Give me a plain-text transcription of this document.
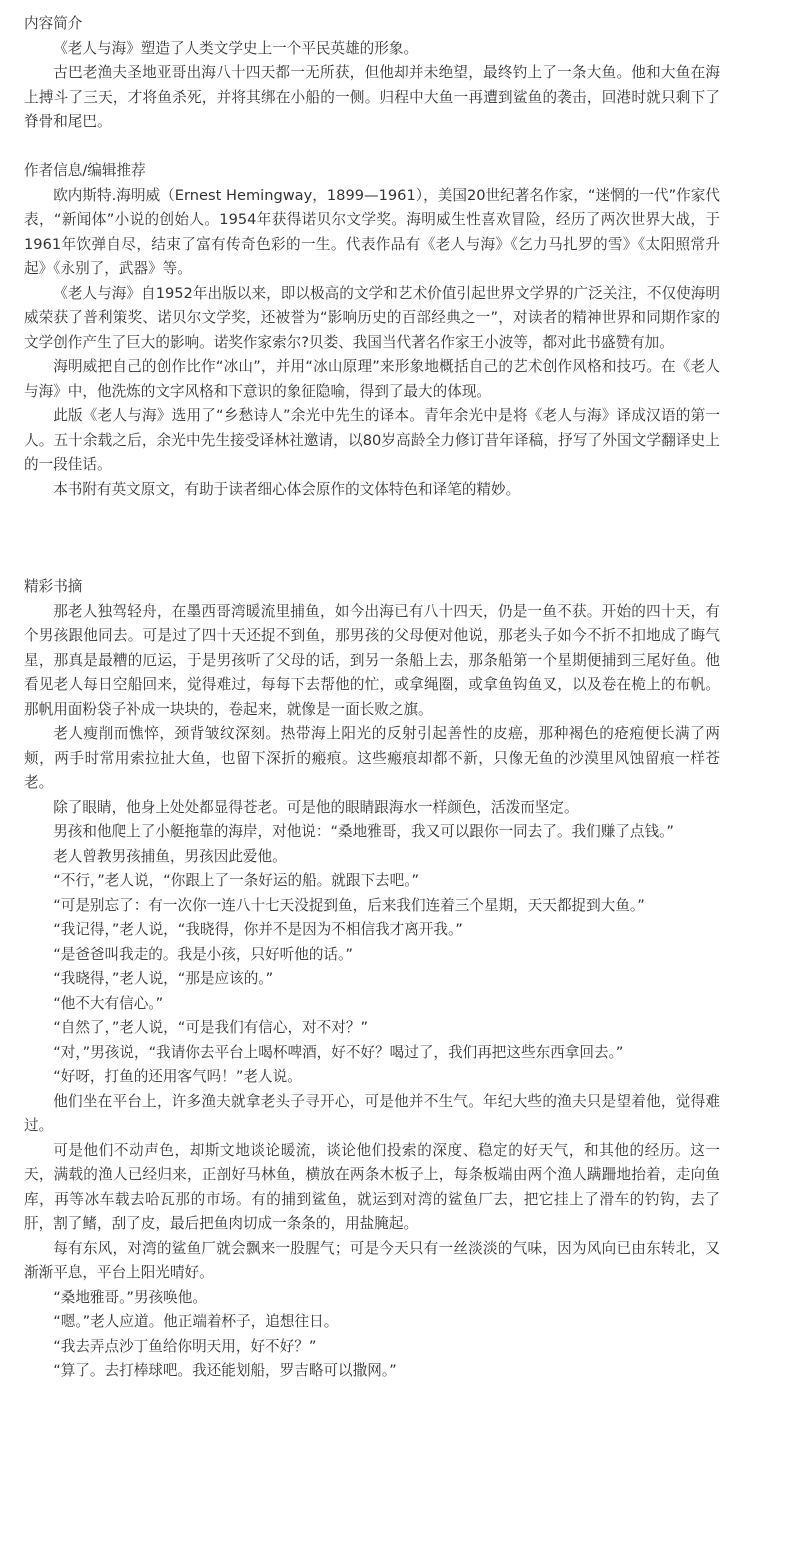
内容简介

《老人与海》塑造了人类文学史上一个平民英雄的形象。

古巴老渔夫圣地亚哥出海八十四天都一无所获，但他却并未绝望，最终钓上了一条大鱼。他和大鱼在海上搏斗了三天，才将鱼杀死，并将其绑在小船的一侧。归程中大鱼一再遭到鲨鱼的袭击，回港时就只剩下了脊骨和尾巴。

作者信息/编辑推荐

欧内斯特.海明威（Ernest Hemingway，1899—1961），美国20世纪著名作家，“迷惘的一代”作家代表，“新闻体”小说的创始人。1954年获得诺贝尔文学奖。海明威生性喜欢冒险，经历了两次世界大战，于1961年饮弹自尽，结束了富有传奇色彩的一生。代表作品有《老人与海》《乞力马扎罗的雪》《太阳照常升起》《永别了，武器》等。

《老人与海》自1952年出版以来，即以极高的文学和艺术价值引起世界文学界的广泛关注，不仅使海明威荣获了普利策奖、诺贝尔文学奖，还被誉为“影响历史的百部经典之一”，对读者的精神世界和同期作家的文学创作产生了巨大的影响。诺奖作家索尔?贝娄、我国当代著名作家王小波等，都对此书盛赞有加。

海明威把自己的创作比作“冰山”，并用“冰山原理”来形象地概括自己的艺术创作风格和技巧。在《老人与海》中，他洗炼的文字风格和下意识的象征隐喻，得到了最大的体现。

此版《老人与海》选用了“乡愁诗人”余光中先生的译本。青年余光中是将《老人与海》译成汉语的第一人。五十余载之后，余光中先生接受译林社邀请，以80岁高龄全力修订昔年译稿，抒写了外国文学翻译史上的一段佳话。

本书附有英文原文，有助于读者细心体会原作的文体特色和译笔的精妙。

精彩书摘

那老人独驾轻舟，在墨西哥湾暖流里捕鱼，如今出海已有八十四天，仍是一鱼不获。开始的四十天，有个男孩跟他同去。可是过了四十天还捉不到鱼，那男孩的父母便对他说，那老头子如今不折不扣地成了晦气星，那真是最糟的厄运，于是男孩听了父母的话，到另一条船上去，那条船第一个星期便捕到三尾好鱼。他看见老人每日空船回来，觉得难过，每每下去帮他的忙，或拿绳圈，或拿鱼钩鱼叉，以及卷在桅上的布帆。那帆用面粉袋子补成一块块的，卷起来，就像是一面长败之旗。

老人瘦削而憔悴，颈背皱纹深刻。热带海上阳光的反射引起善性的皮癌，那种褐色的疮疱便长满了两颊，两手时常用索拉扯大鱼，也留下深折的瘢痕。这些瘢痕却都不新，只像无鱼的沙漠里风蚀留痕一样苍老。

除了眼睛，他身上处处都显得苍老。可是他的眼睛跟海水一样颜色，活泼而坚定。

男孩和他爬上了小艇拖靠的海岸，对他说：“桑地雅哥，我又可以跟你一同去了。我们赚了点钱。”

老人曾教男孩捕鱼，男孩因此爱他。

“不行，”老人说，“你跟上了一条好运的船。就跟下去吧。”

“可是别忘了：有一次你一连八十七天没捉到鱼，后来我们连着三个星期，天天都捉到大鱼。”

“我记得，”老人说，“我晓得，你并不是因为不相信我才离开我。”

“是爸爸叫我走的。我是小孩，只好听他的话。”

“我晓得，”老人说，“那是应该的。”

“他不大有信心。”

“自然了，”老人说，“可是我们有信心，对不对？”

“对，”男孩说，“我请你去平台上喝杯啤酒，好不好？喝过了，我们再把这些东西拿回去。”

“好呀，打鱼的还用客气吗！”老人说。

他们坐在平台上，许多渔夫就拿老头子寻开心，可是他并不生气。年纪大些的渔夫只是望着他，觉得难过。

可是他们不动声色，却斯文地谈论暖流，谈论他们投索的深度、稳定的好天气，和其他的经历。这一天，满载的渔人已经归来，正剖好马林鱼，横放在两条木板子上，每条板端由两个渔人蹒跚地抬着，走向鱼库，再等冰车载去哈瓦那的市场。有的捕到鲨鱼，就运到对湾的鲨鱼厂去，把它挂上了滑车的钓钩，去了肝，割了鳍，刮了皮，最后把鱼肉切成一条条的，用盐腌起。

每有东风，对湾的鲨鱼厂就会飘来一股腥气；可是今天只有一丝淡淡的气味，因为风向已由东转北，又渐渐平息，平台上阳光晴好。

“桑地雅哥。”男孩唤他。

“嗯。”老人应道。他正端着杯子，追想往日。

“我去弄点沙丁鱼给你明天用，好不好？”

“算了。去打棒球吧。我还能划船，罗吉略可以撒网。”
